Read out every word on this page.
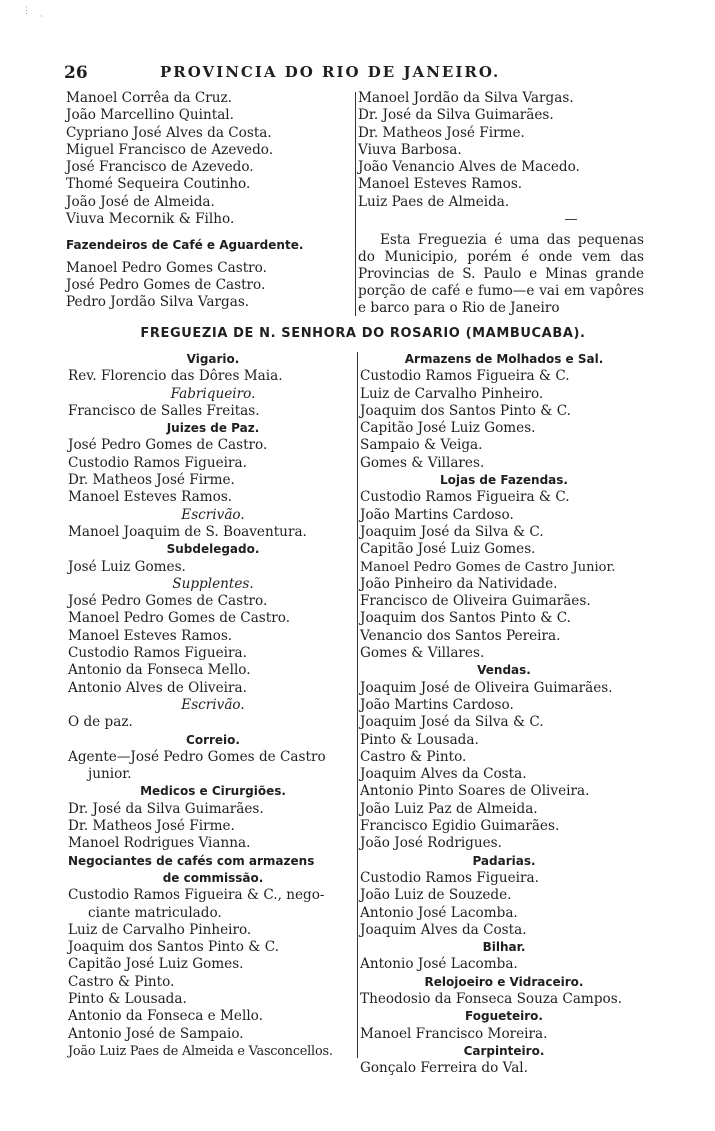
⋮
·
26	PROVINCIA DO RIO DE JANEIRO.
Manoel Corrêa da Cruz.
João Marcellino Quintal.
Cypriano José Alves da Costa.
Miguel Francisco de Azevedo.
José Francisco de Azevedo.
Thomé Sequeira Coutinho.
João José de Almeida.
Viuva Mecornik & Filho.
Fazendeiros de Café e Aguardente.
Manoel Pedro Gomes Castro.
José Pedro Gomes de Castro.
Pedro Jordão Silva Vargas.
Manoel Jordão da Silva Vargas.
Dr. José da Silva Guimarães.
Dr. Matheos José Firme.
Viuva Barbosa.
João Venancio Alves de Macedo.
Manoel Esteves Ramos.
Luiz Paes de Almeida.
—
Esta Freguezia é uma das pequenas do Municipio, porém é onde vem das Provincias de S. Paulo e Minas grande porção de café e fumo—e vai em vapôres e barco para o Rio de Janeiro
FREGUEZIA DE N. SENHORA DO ROSARIO (MAMBUCABA).
Vigario.
Rev. Florencio das Dôres Maia.
Fabriqueiro.
Francisco de Salles Freitas.
Juizes de Paz.
José Pedro Gomes de Castro.
Custodio Ramos Figueira.
Dr. Matheos José Firme.
Manoel Esteves Ramos.
Escrivão.
Manoel Joaquim de S. Boaventura.
Subdelegado.
José Luiz Gomes.
Supplentes.
José Pedro Gomes de Castro.
Manoel Pedro Gomes de Castro.
Manoel Esteves Ramos.
Custodio Ramos Figueira.
Antonio da Fonseca Mello.
Antonio Alves de Oliveira.
Escrivão.
O de paz.
Correio.
Agente—José Pedro Gomes de Castro
junior.
Medicos e Cirurgiões.
Dr. José da Silva Guimarães.
Dr. Matheos José Firme.
Manoel Rodrigues Vianna.
Negociantes de cafés com armazens
de commissão.
Custodio Ramos Figueira & C., nego-
ciante matriculado.
Luiz de Carvalho Pinheiro.
Joaquim dos Santos Pinto & C.
Capitão José Luiz Gomes.
Castro & Pinto.
Pinto & Lousada.
Antonio da Fonseca e Mello.
Antonio José de Sampaio.
João Luiz Paes de Almeida e Vasconcellos.
Armazens de Molhados e Sal.
Custodio Ramos Figueira & C.
Luiz de Carvalho Pinheiro.
Joaquim dos Santos Pinto & C.
Capitão José Luiz Gomes.
Sampaio & Veiga.
Gomes & Villares.
Lojas de Fazendas.
Custodio Ramos Figueira & C.
João Martins Cardoso.
Joaquim José da Silva & C.
Capitão José Luiz Gomes.
Manoel Pedro Gomes de Castro Junior.
João Pinheiro da Natividade.
Francisco de Oliveira Guimarães.
Joaquim dos Santos Pinto & C.
Venancio dos Santos Pereira.
Gomes & Villares.
Vendas.
Joaquim José de Oliveira Guimarães.
João Martins Cardoso.
Joaquim José da Silva & C.
Pinto & Lousada.
Castro & Pinto.
Joaquim Alves da Costa.
Antonio Pinto Soares de Oliveira.
João Luiz Paz de Almeida.
Francisco Egidio Guimarães.
João José Rodrigues.
Padarias.
Custodio Ramos Figueira.
João Luiz de Souzede.
Antonio José Lacomba.
Joaquim Alves da Costa.
Bilhar.
Antonio José Lacomba.
Relojoeiro e Vidraceiro.
Theodosio da Fonseca Souza Campos.
Fogueteiro.
Manoel Francisco Moreira.
Carpinteiro.
Gonçalo Ferreira do Val.
